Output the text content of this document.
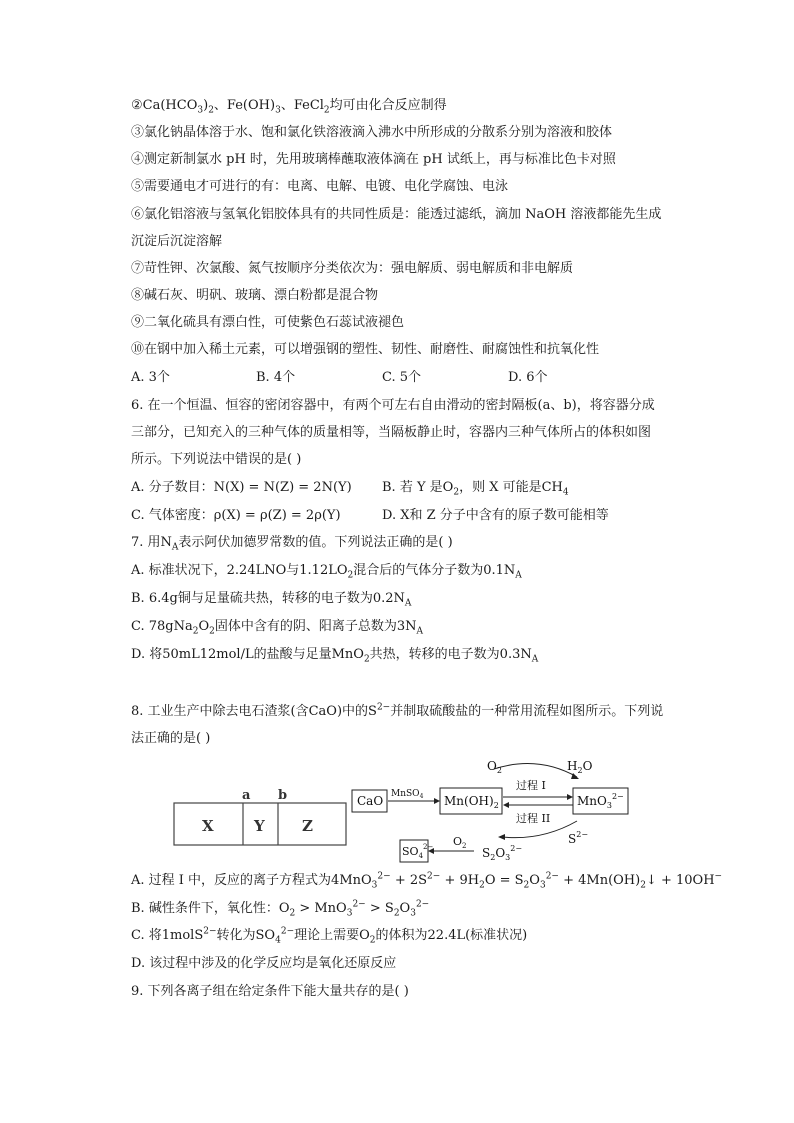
$②Ca(HCO_3)_2$、$Fe(OH)_3$、FeCl$_2$均可由化合反应制得
③氯化钠晶体溶于水、饱和氯化铁溶液滴入沸水中所形成的分散系分别为溶液和胶体
④测定新制氯水 pH 时，先用玻璃棒蘸取液体滴在 pH 试纸上，再与标准比色卡对照
⑤需要通电才可进行的有：电离、电解、电镀、电化学腐蚀、电泳
⑥氯化铝溶液与氢氧化铝胶体具有的共同性质是：能透过滤纸，滴加 NaOH 溶液都能先生成
沉淀后沉淀溶解
⑦苛性钾、次氯酸、氮气按顺序分类依次为：强电解质、弱电解质和非电解质
⑧碱石灰、明矾、玻璃、漂白粉都是混合物
⑨二氧化硫具有漂白性，可使紫色石蕊试液褪色
⑩在钢中加入稀土元素，可以增强钢的塑性、韧性、耐磨性、耐腐蚀性和抗氧化性
A. 3个	B. 4个	C. 5个	D. 6个
6. 在一个恒温、恒容的密闭容器中，有两个可左右自由滑动的密封隔板(a、b)，将容器分成
三部分，已知充入的三种气体的质量相等，当隔板静止时，容器内三种气体所占的体积如图
所示。下列说法中错误的是( )
A. 分子数目：N(X) = N(Z) = 2N(Y) B. 若 Y 是$O_2$，则 X 可能是$CH_4$
C. 气体密度：ρ(X) = ρ(Z) = 2ρ(Y)	D. X和 Z 分子中含有的原子数可能相等
7. 用$N_A$表示阿伏加德罗常数的值。下列说法正确的是( )
A. 标准状况下，2.24LNO与$1.12LO_2$混合后的气体分子数为$0.1N_A$
B. 6.4g铜与足量硫共热，转移的电子数为$0.2N_A$
C. $78gNa_2O_2$固体中含有的阴、阳离子总数为$3N_A$
D. 将50mL12mol/L的盐酸与足量MnO$_2$共热，转移的电子数为$0.3N_A$
8. 工业生产中除去电石渣浆(含CaO)中的$S^{2-}$并制取硫酸盐的一种常用流程如图所示。下列说
法正确的是( )
a b
X	Y Z
CaO MnSO$_4$ $Mn(OH)_2$	MnO$_3^{2-}$
$O_2$	$H_2O$
过程 I
过程 II
$S^{2-}$
$S_2O_3^{2-}$
$O_2$
$SO_4^{2-}$
A. 过程 I 中，反应的离子方程式为$4MnO_3^{2-} + 2S^{2-} + 9H_2O = S_2O_3^{2-}$ + $4Mn(OH)_2↓ + 10OH^-$
B. 碱性条件下，氧化性：$O_2 > MnO_3^{2-} > S_2O_3^{2-}$
C. 将1molS$^{2-}$转化为$SO_4^{2-}$理论上需要$O_2$的体积为22.4L(标准状况)
D. 该过程中涉及的化学反应均是氧化还原反应
9. 下列各离子组在给定条件下能大量共存的是( )
